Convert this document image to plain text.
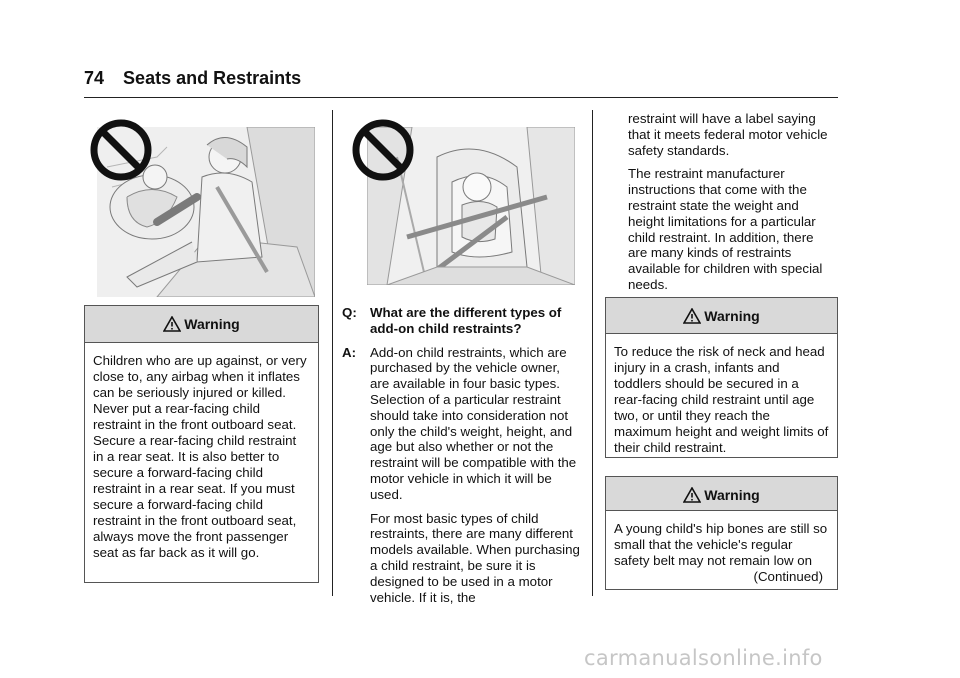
74 Seats and Restraints
Warning
Children who are up against, or very close to, any airbag when it inflates can be seriously injured or killed. Never put a rear-facing child restraint in the front outboard seat. Secure a rear-facing child restraint in a rear seat. It is also better to secure a forward-facing child restraint in a rear seat. If you must secure a forward-facing child restraint in the front outboard seat, always move the front passenger seat as far back as it will go.
Q: What are the different types of add-on child restraints?
A:	Add-on child restraints, which are purchased by the vehicle owner, are available in four basic types. Selection of a particular restraint should take into consideration not only the child's weight, height, and age but also whether or not the restraint will be compatible with the motor vehicle in which it will be used.

For most basic types of child restraints, there are many different models available. When purchasing a child restraint, be sure it is designed to be used in a motor vehicle. If it is, the

restraint will have a label saying that it meets federal motor vehicle safety standards.

The restraint manufacturer instructions that come with the restraint state the weight and height limitations for a particular child restraint. In addition, there are many kinds of restraints available for children with special needs.

Warning
To reduce the risk of neck and head injury in a crash, infants and toddlers should be secured in a rear-facing child restraint until age two, or until they reach the maximum height and weight limits of their child restraint.
Warning
A young child's hip bones are still so small that the vehicle's regular safety belt may not remain low on
(Continued)
carmanualsonline.info
